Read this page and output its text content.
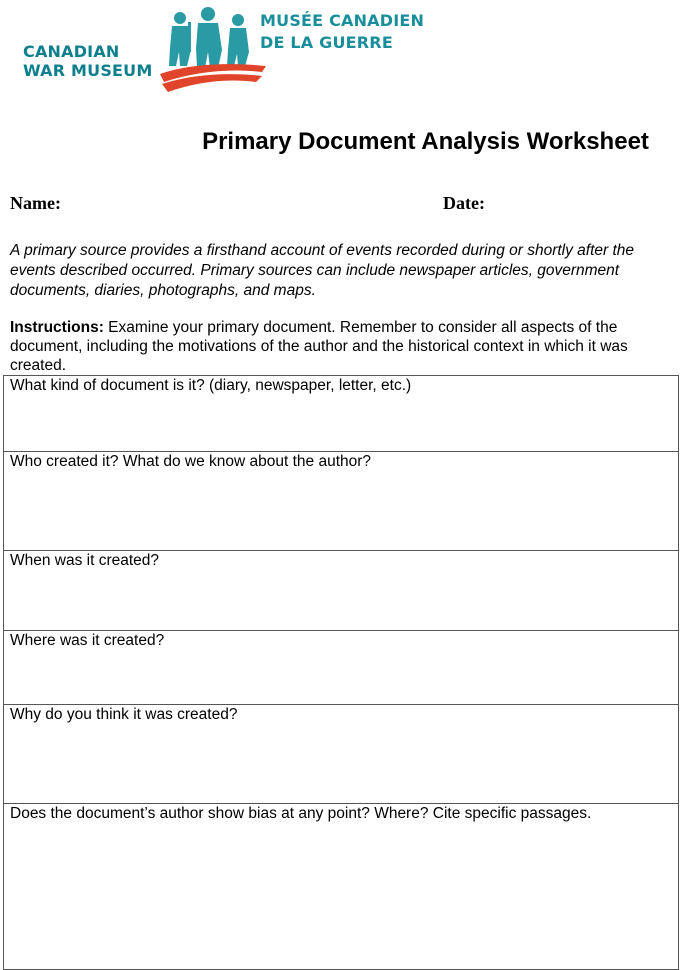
CANADIAN
WAR MUSEUM
MUSÉE CANADIEN
DE LA GUERRE
Primary Document Analysis Worksheet
Name:	Date:
A primary source provides a firsthand account of events recorded during or shortly after the events described occurred. Primary sources can include newspaper articles, government documents, diaries, photographs, and maps.
Instructions: Examine your primary document. Remember to consider all aspects of the document, including the motivations of the author and the historical context in which it was created.
What kind of document is it? (diary, newspaper, letter, etc.)
Who created it? What do we know about the author?
When was it created?
Where was it created?
Why do you think it was created?
Does the document’s author show bias at any point? Where? Cite specific passages.
